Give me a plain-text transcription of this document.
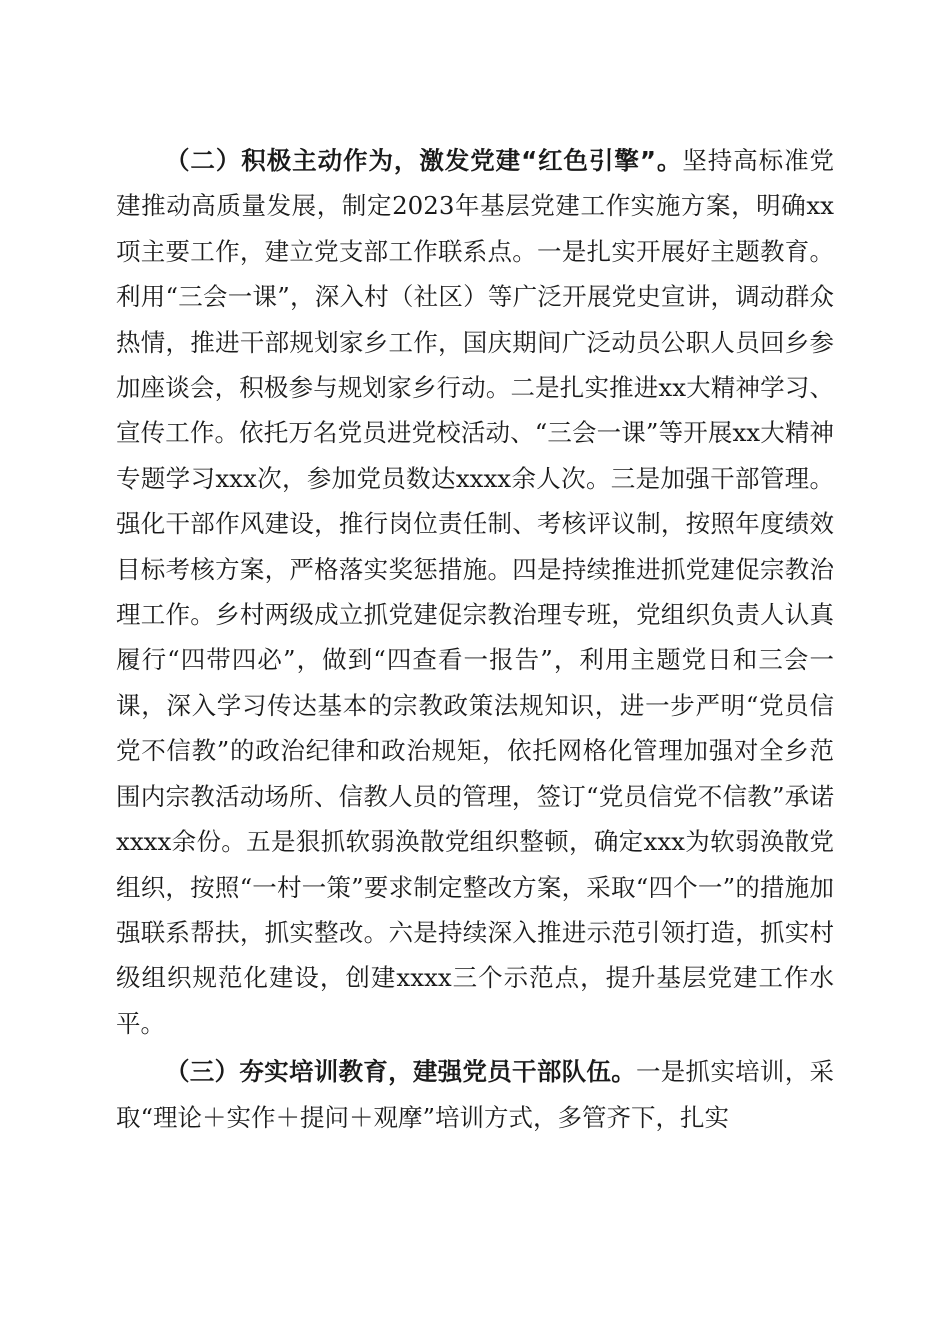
（二）积极主动作为，激发党建“红色引擎”。坚持高标准党建推动高质量发展，制定2023年基层党建工作实施方案，明确xx项主要工作，建立党支部工作联系点。一是扎实开展好主题教育。利用“三会一课”，深入村（社区）等广泛开展党史宣讲，调动群众热情，推进干部规划家乡工作，国庆期间广泛动员公职人员回乡参加座谈会，积极参与规划家乡行动。二是扎实推进xx大精神学习、宣传工作。依托万名党员进党校活动、“三会一课”等开展xx大精神专题学习xxx次，参加党员数达xxxx余人次。三是加强干部管理。强化干部作风建设，推行岗位责任制、考核评议制，按照年度绩效目标考核方案，严格落实奖惩措施。四是持续推进抓党建促宗教治理工作。乡村两级成立抓党建促宗教治理专班，党组织负责人认真履行“四带四必”，做到“四查看一报告”，利用主题党日和三会一课，深入学习传达基本的宗教政策法规知识，进一步严明“党员信党不信教”的政治纪律和政治规矩，依托网格化管理加强对全乡范围内宗教活动场所、信教人员的管理，签订“党员信党不信教”承诺xxxx余份。五是狠抓软弱涣散党组织整顿，确定xxx为软弱涣散党组织，按照“一村一策”要求制定整改方案，采取“四个一”的措施加强联系帮扶，抓实整改。六是持续深入推进示范引领打造，抓实村级组织规范化建设，创建xxxx三个示范点，提升基层党建工作水平。

（三）夯实培训教育，建强党员干部队伍。一是抓实培训，采取“理论＋实作＋提问＋观摩”培训方式，多管齐下，扎实
